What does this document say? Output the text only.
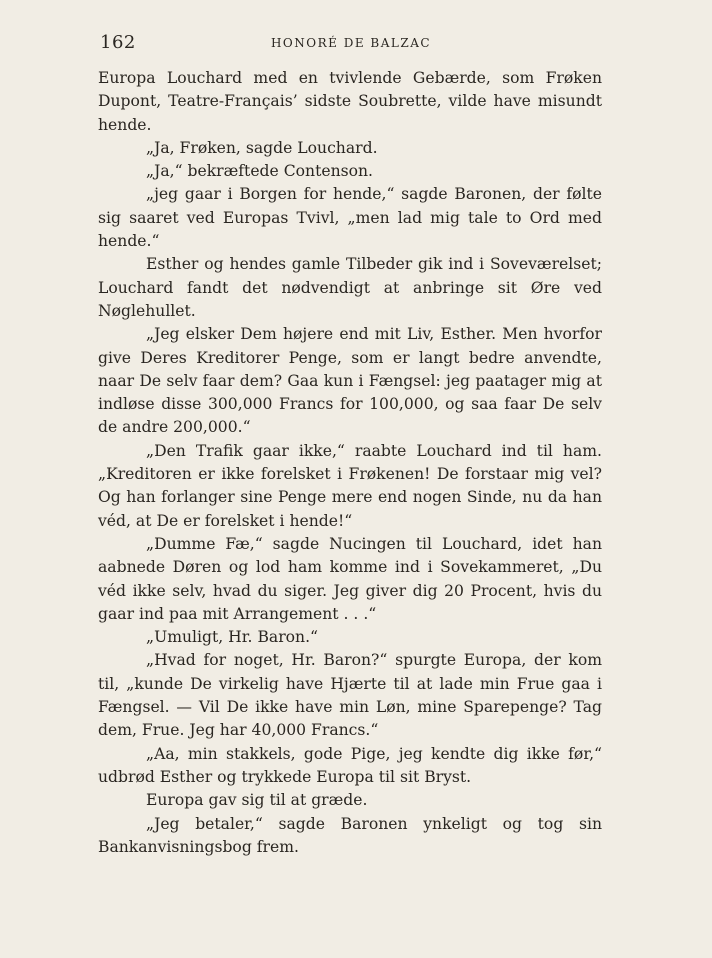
162	HONORÉ DE BALZAC

Europa Louchard med en tvivlende Gebærde, som Frøken Dupont, Teatre-Français’ sidste Soubrette, vilde have misundt hende.

„Ja, Frøken, sagde Louchard.

„Ja,“ bekræftede Contenson.

„jeg gaar i Borgen for hende,“ sagde Baronen, der følte sig saaret ved Europas Tvivl, „men lad mig tale to Ord med hende.“

Esther og hendes gamle Tilbeder gik ind i Soveværelset; Louchard fandt det nødvendigt at anbringe sit Øre ved Nøglehullet.

„Jeg elsker Dem højere end mit Liv, Esther. Men hvorfor give Deres Kreditorer Penge, som er langt bedre anvendte, naar De selv faar dem? Gaa kun i Fængsel: jeg paatager mig at indløse disse 300,000 Francs for 100,000, og saa faar De selv de andre 200,000.“

„Den Trafik gaar ikke,“ raabte Louchard ind til ham. „Kreditoren er ikke forelsket i Frøkenen! De forstaar mig vel? Og han forlanger sine Penge mere end nogen Sinde, nu da han véd, at De er forelsket i hende!“

„Dumme Fæ,“ sagde Nucingen til Louchard, idet han aabnede Døren og lod ham komme ind i Sovekammeret, „Du véd ikke selv, hvad du siger. Jeg giver dig 20 Procent, hvis du gaar ind paa mit Arrangement . . .“

„Umuligt, Hr. Baron.“

„Hvad for noget, Hr. Baron?“ spurgte Europa, der kom til, „kunde De virkelig have Hjærte til at lade min Frue gaa i Fængsel. — Vil De ikke have min Løn, mine Sparepenge? Tag dem, Frue. Jeg har 40,000 Francs.“

„Aa, min stakkels, gode Pige, jeg kendte dig ikke før,“ udbrød Esther og trykkede Europa til sit Bryst.

Europa gav sig til at græde.

„Jeg betaler,“ sagde Baronen ynkeligt og tog sin Bankanvisningsbog frem.
